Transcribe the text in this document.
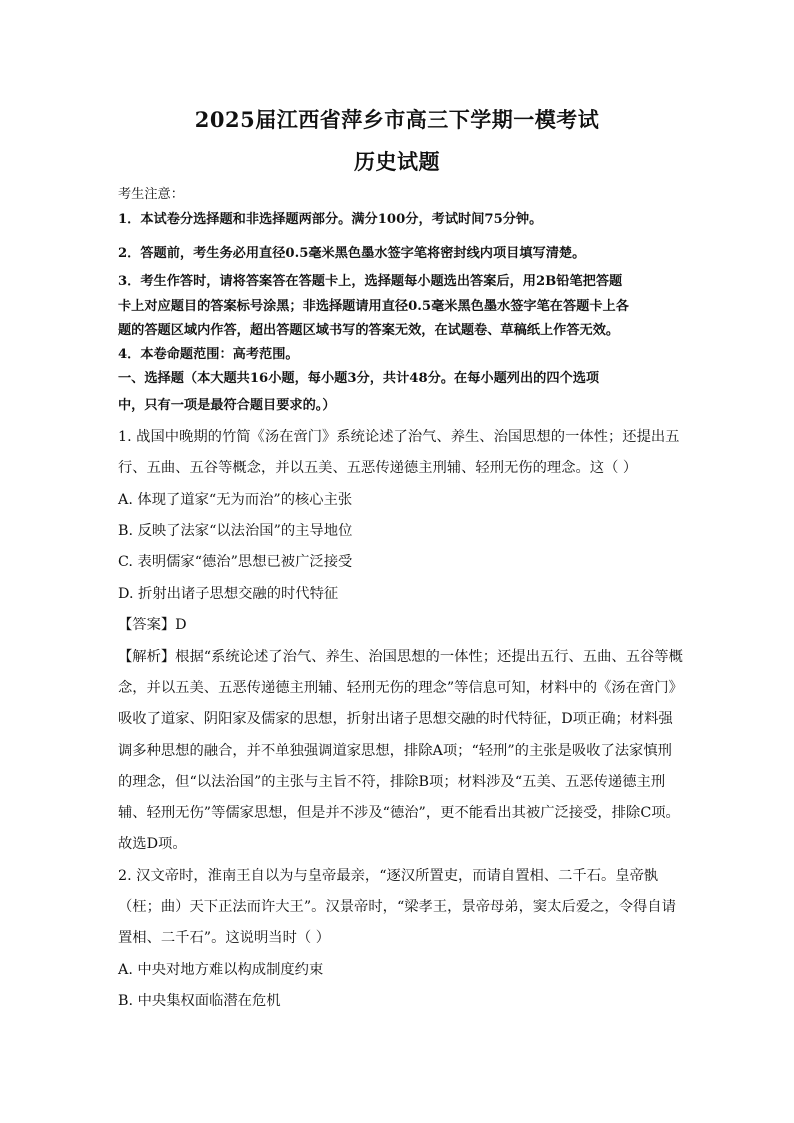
2025届江西省萍乡市高三下学期一模考试
历史试题
考生注意：
1．本试卷分选择题和非选择题两部分。满分100分，考试时间75分钟。
2．答题前，考生务必用直径0.5毫米黑色墨水签字笔将密封线内项目填写清楚。
3．考生作答时，请将答案答在答题卡上，选择题每小题选出答案后，用2B铅笔把答题
卡上对应题目的答案标号涂黑；非选择题请用直径0.5毫米黑色墨水签字笔在答题卡上各
题的答题区域内作答，超出答题区域书写的答案无效，在试题卷、草稿纸上作答无效。
4．本卷命题范围：高考范围。
一、选择题（本大题共16小题，每小题3分，共计48分。在每小题列出的四个选项
中，只有一项是最符合题目要求的。）
1. 战国中晚期的竹简《汤在啻门》系统论述了治气、养生、治国思想的一体性；还提出五
行、五曲、五谷等概念，并以五美、五恶传递德主刑辅、轻刑无伤的理念。这（ ）
A. 体现了道家“无为而治”的核心主张
B. 反映了法家“以法治国”的主导地位
C. 表明儒家“德治”思想已被广泛接受
D. 折射出诸子思想交融的时代特征
【答案】D
【解析】根据“系统论述了治气、养生、治国思想的一体性；还提出五行、五曲、五谷等概
念，并以五美、五恶传递德主刑辅、轻刑无伤的理念”等信息可知，材料中的《汤在啻门》
吸收了道家、阴阳家及儒家的思想，折射出诸子思想交融的时代特征，D项正确；材料强
调多种思想的融合，并不单独强调道家思想，排除A项；“轻刑”的主张是吸收了法家慎刑
的理念，但“以法治国”的主张与主旨不符，排除B项；材料涉及“五美、五恶传递德主刑
辅、轻刑无伤”等儒家思想，但是并不涉及“德治”，更不能看出其被广泛接受，排除C项。
故选D项。
2. 汉文帝时，淮南王自以为与皇帝最亲，“逐汉所置吏，而请自置相、二千石。皇帝骫
（枉；曲）天下正法而许大王”。汉景帝时，“梁孝王，景帝母弟，窦太后爱之，令得自请
置相、二千石”。这说明当时（ ）
A. 中央对地方难以构成制度约束
B. 中央集权面临潜在危机
